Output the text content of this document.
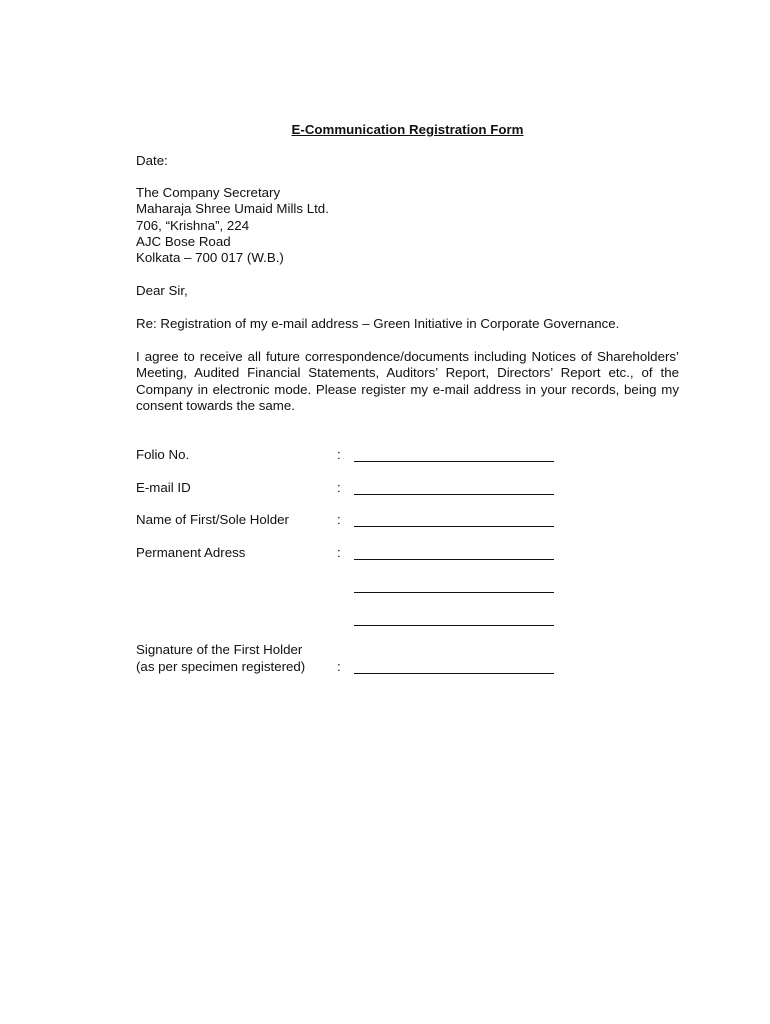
E-Communication Registration Form
Date:
The Company Secretary
Maharaja Shree Umaid Mills Ltd.
706, “Krishna”, 224
AJC Bose Road
Kolkata – 700 017 (W.B.)
Dear Sir,
Re: Registration of my e-mail address – Green Initiative in Corporate Governance.
I agree to receive all future correspondence/documents including Notices of Shareholders’ Meeting, Audited Financial Statements, Auditors’ Report, Directors’ Report etc., of the Company in electronic mode. Please register my e-mail address in your records, being my consent towards the same.
Folio No.	:
E-mail ID	:
Name of First/Sole Holder	:
Permanent Adress	:
Signature of the First Holder
(as per specimen registered) :
